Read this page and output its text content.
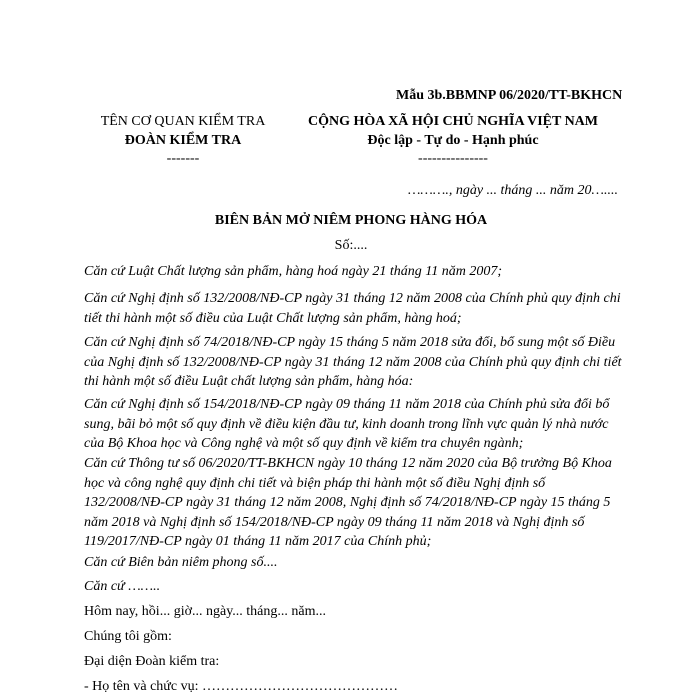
Mẫu 3b.BBMNP 06/2020/TT-BKHCN
TÊN CƠ QUAN KIỂM TRA
ĐOÀN KIỂM TRA
-------
CỘNG HÒA XÃ HỘI CHỦ NGHĨA VIỆT NAM
Độc lập - Tự do - Hạnh phúc
---------------
………., ngày ... tháng ... năm 20…....
BIÊN BẢN MỞ NIÊM PHONG HÀNG HÓA
Số:....
Căn cứ Luật Chất lượng sản phẩm, hàng hoá ngày 21 tháng 11 năm 2007;
Căn cứ Nghị định số 132/2008/NĐ-CP ngày 31 tháng 12 năm 2008 của Chính phủ quy định chi tiết thi hành một số điều của Luật Chất lượng sản phẩm, hàng hoá;
Căn cứ Nghị định số 74/2018/NĐ-CP ngày 15 tháng 5 năm 2018 sửa đổi, bổ sung một số Điều của Nghị định số 132/2008/NĐ-CP ngày 31 tháng 12 năm 2008 của Chính phủ quy định chi tiết thi hành một số điều Luật chất lượng sản phẩm, hàng hóa:
Căn cứ Nghị định số 154/2018/NĐ-CP ngày 09 tháng 11 năm 2018 của Chính phủ sửa đổi bổ sung, bãi bỏ một số quy định về điều kiện đầu tư, kinh doanh trong lĩnh vực quản lý nhà nước của Bộ Khoa học và Công nghệ và một số quy định về kiểm tra chuyên ngành;
Căn cứ Thông tư số 06/2020/TT-BKHCN ngày 10 tháng 12 năm 2020 của Bộ trưởng Bộ Khoa học và công nghệ quy định chi tiết và biện pháp thi hành một số điều Nghị định số 132/2008/NĐ-CP ngày 31 tháng 12 năm 2008, Nghị định số 74/2018/NĐ-CP ngày 15 tháng 5 năm 2018 và Nghị định số 154/2018/NĐ-CP ngày 09 tháng 11 năm 2018 và Nghị định số 119/2017/NĐ-CP ngày 01 tháng 11 năm 2017 của Chính phủ;
Căn cứ Biên bản niêm phong số....
Căn cứ ……..
Hôm nay, hồi... giờ... ngày... tháng... năm...
Chúng tôi gồm:
Đại diện Đoàn kiểm tra:
- Họ tên và chức vụ: ……………………………………
